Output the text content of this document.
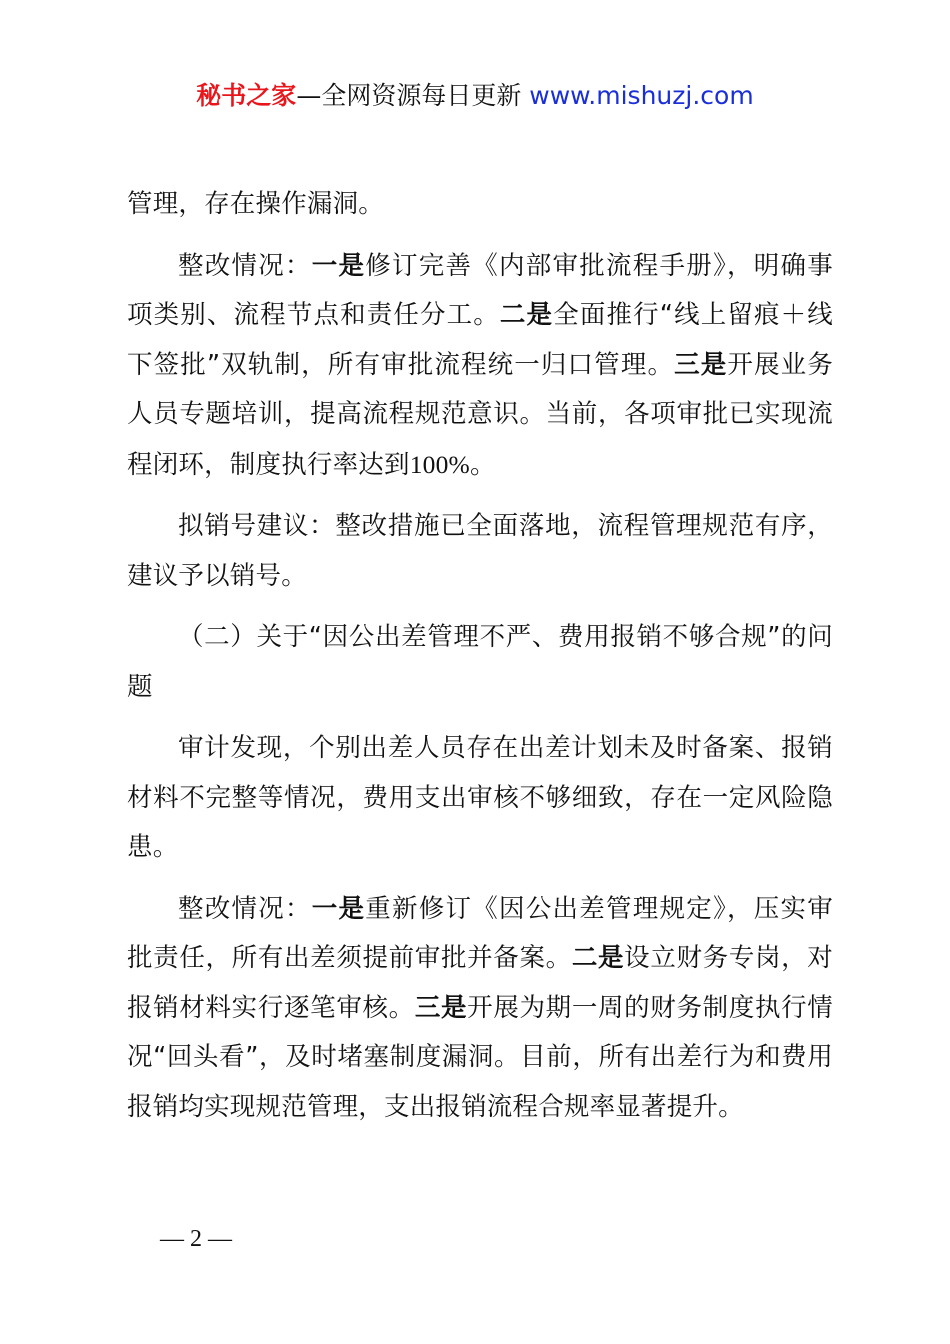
秘书之家—全网资源每日更新 www.mishuzj.com

管理，存在操作漏洞。

整改情况：一是修订完善《内部审批流程手册》，明确事项类别、流程节点和责任分工。二是全面推行“线上留痕＋线下签批”双轨制，所有审批流程统一归口管理。三是开展业务人员专题培训，提高流程规范意识。当前，各项审批已实现流程闭环，制度执行率达到100%。

拟销号建议：整改措施已全面落地，流程管理规范有序，建议予以销号。

（二）关于“因公出差管理不严、费用报销不够合规”的问题

审计发现，个别出差人员存在出差计划未及时备案、报销材料不完整等情况，费用支出审核不够细致，存在一定风险隐患。

整改情况：一是重新修订《因公出差管理规定》，压实审批责任，所有出差须提前审批并备案。二是设立财务专岗，对报销材料实行逐笔审核。三是开展为期一周的财务制度执行情况“回头看”，及时堵塞制度漏洞。目前，所有出差行为和费用报销均实现规范管理，支出报销流程合规率显著提升。

— 2 —
